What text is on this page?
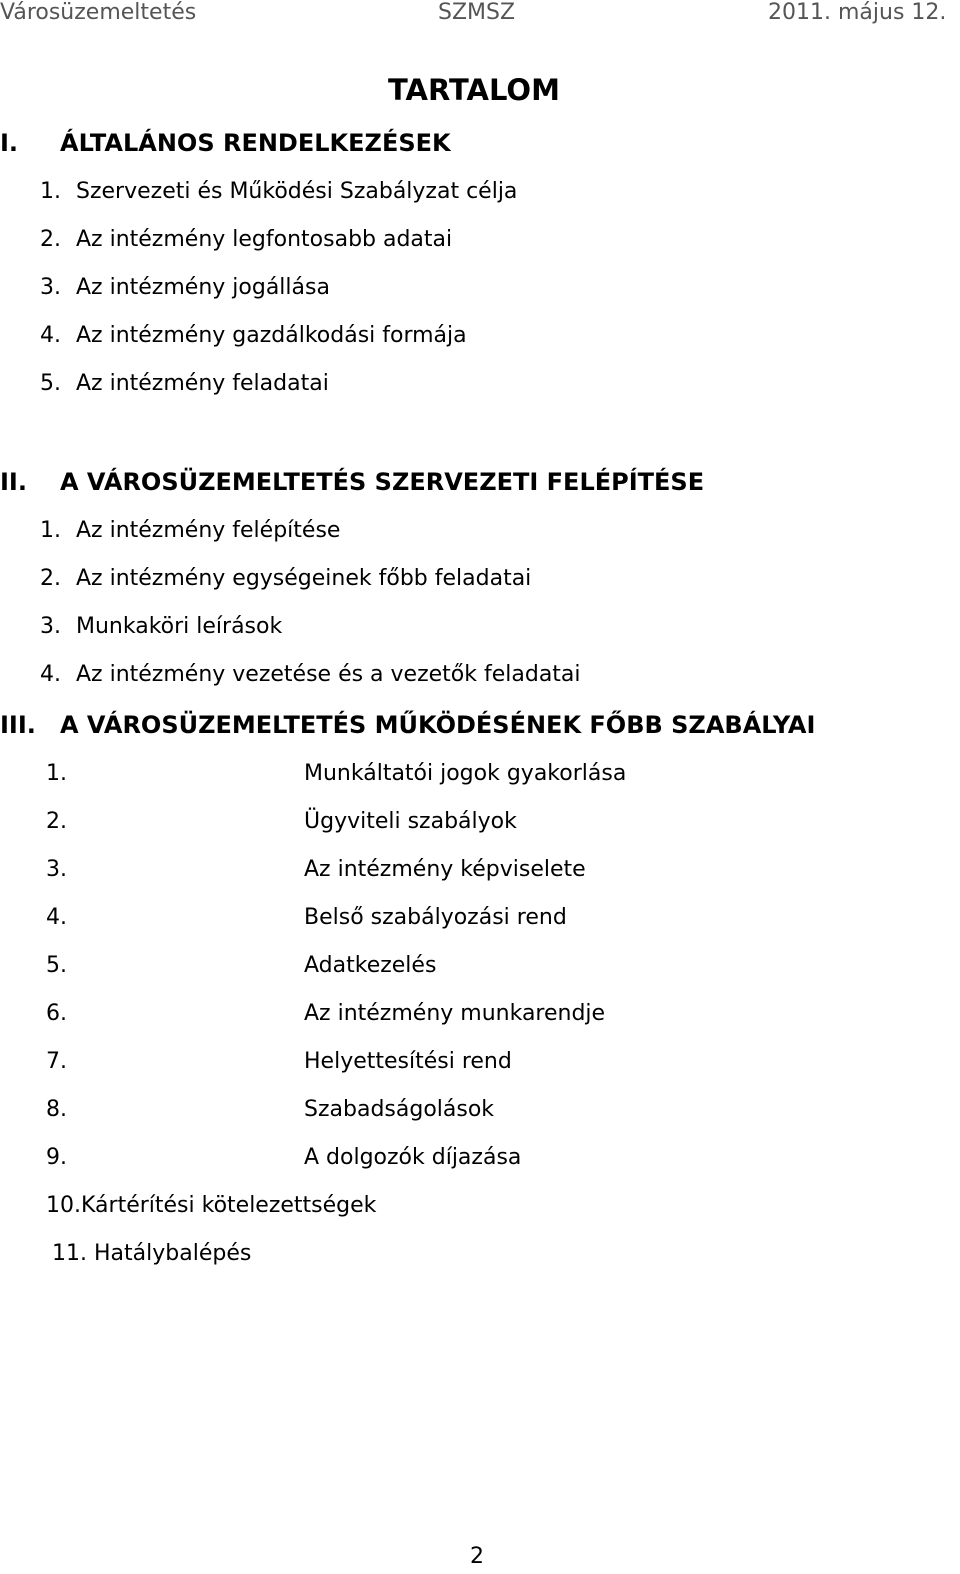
Városüzemeltetés	SZMSZ	2011. május 12.
TARTALOM
I. ÁLTALÁNOS RENDELKEZÉSEK
1. Szervezeti és Működési Szabályzat célja
2. Az intézmény legfontosabb adatai
3. Az intézmény jogállása
4. Az intézmény gazdálkodási formája
5. Az intézmény feladatai
II. A VÁROSÜZEMELTETÉS SZERVEZETI FELÉPÍTÉSE
1. Az intézmény felépítése
2. Az intézmény egységeinek főbb feladatai
3. Munkaköri leírások
4. Az intézmény vezetése és a vezetők feladatai
III. A VÁROSÜZEMELTETÉS MŰKÖDÉSÉNEK FŐBB SZABÁLYAI
1.	Munkáltatói jogok gyakorlása
2.	Ügyviteli szabályok
3.	Az intézmény képviselete
4.	Belső szabályozási rend
5.	Adatkezelés
6.	Az intézmény munkarendje
7.	Helyettesítési rend
8.	Szabadságolások
9.	A dolgozók díjazása
10.Kártérítési kötelezettségek
11. Hatálybalépés
2
